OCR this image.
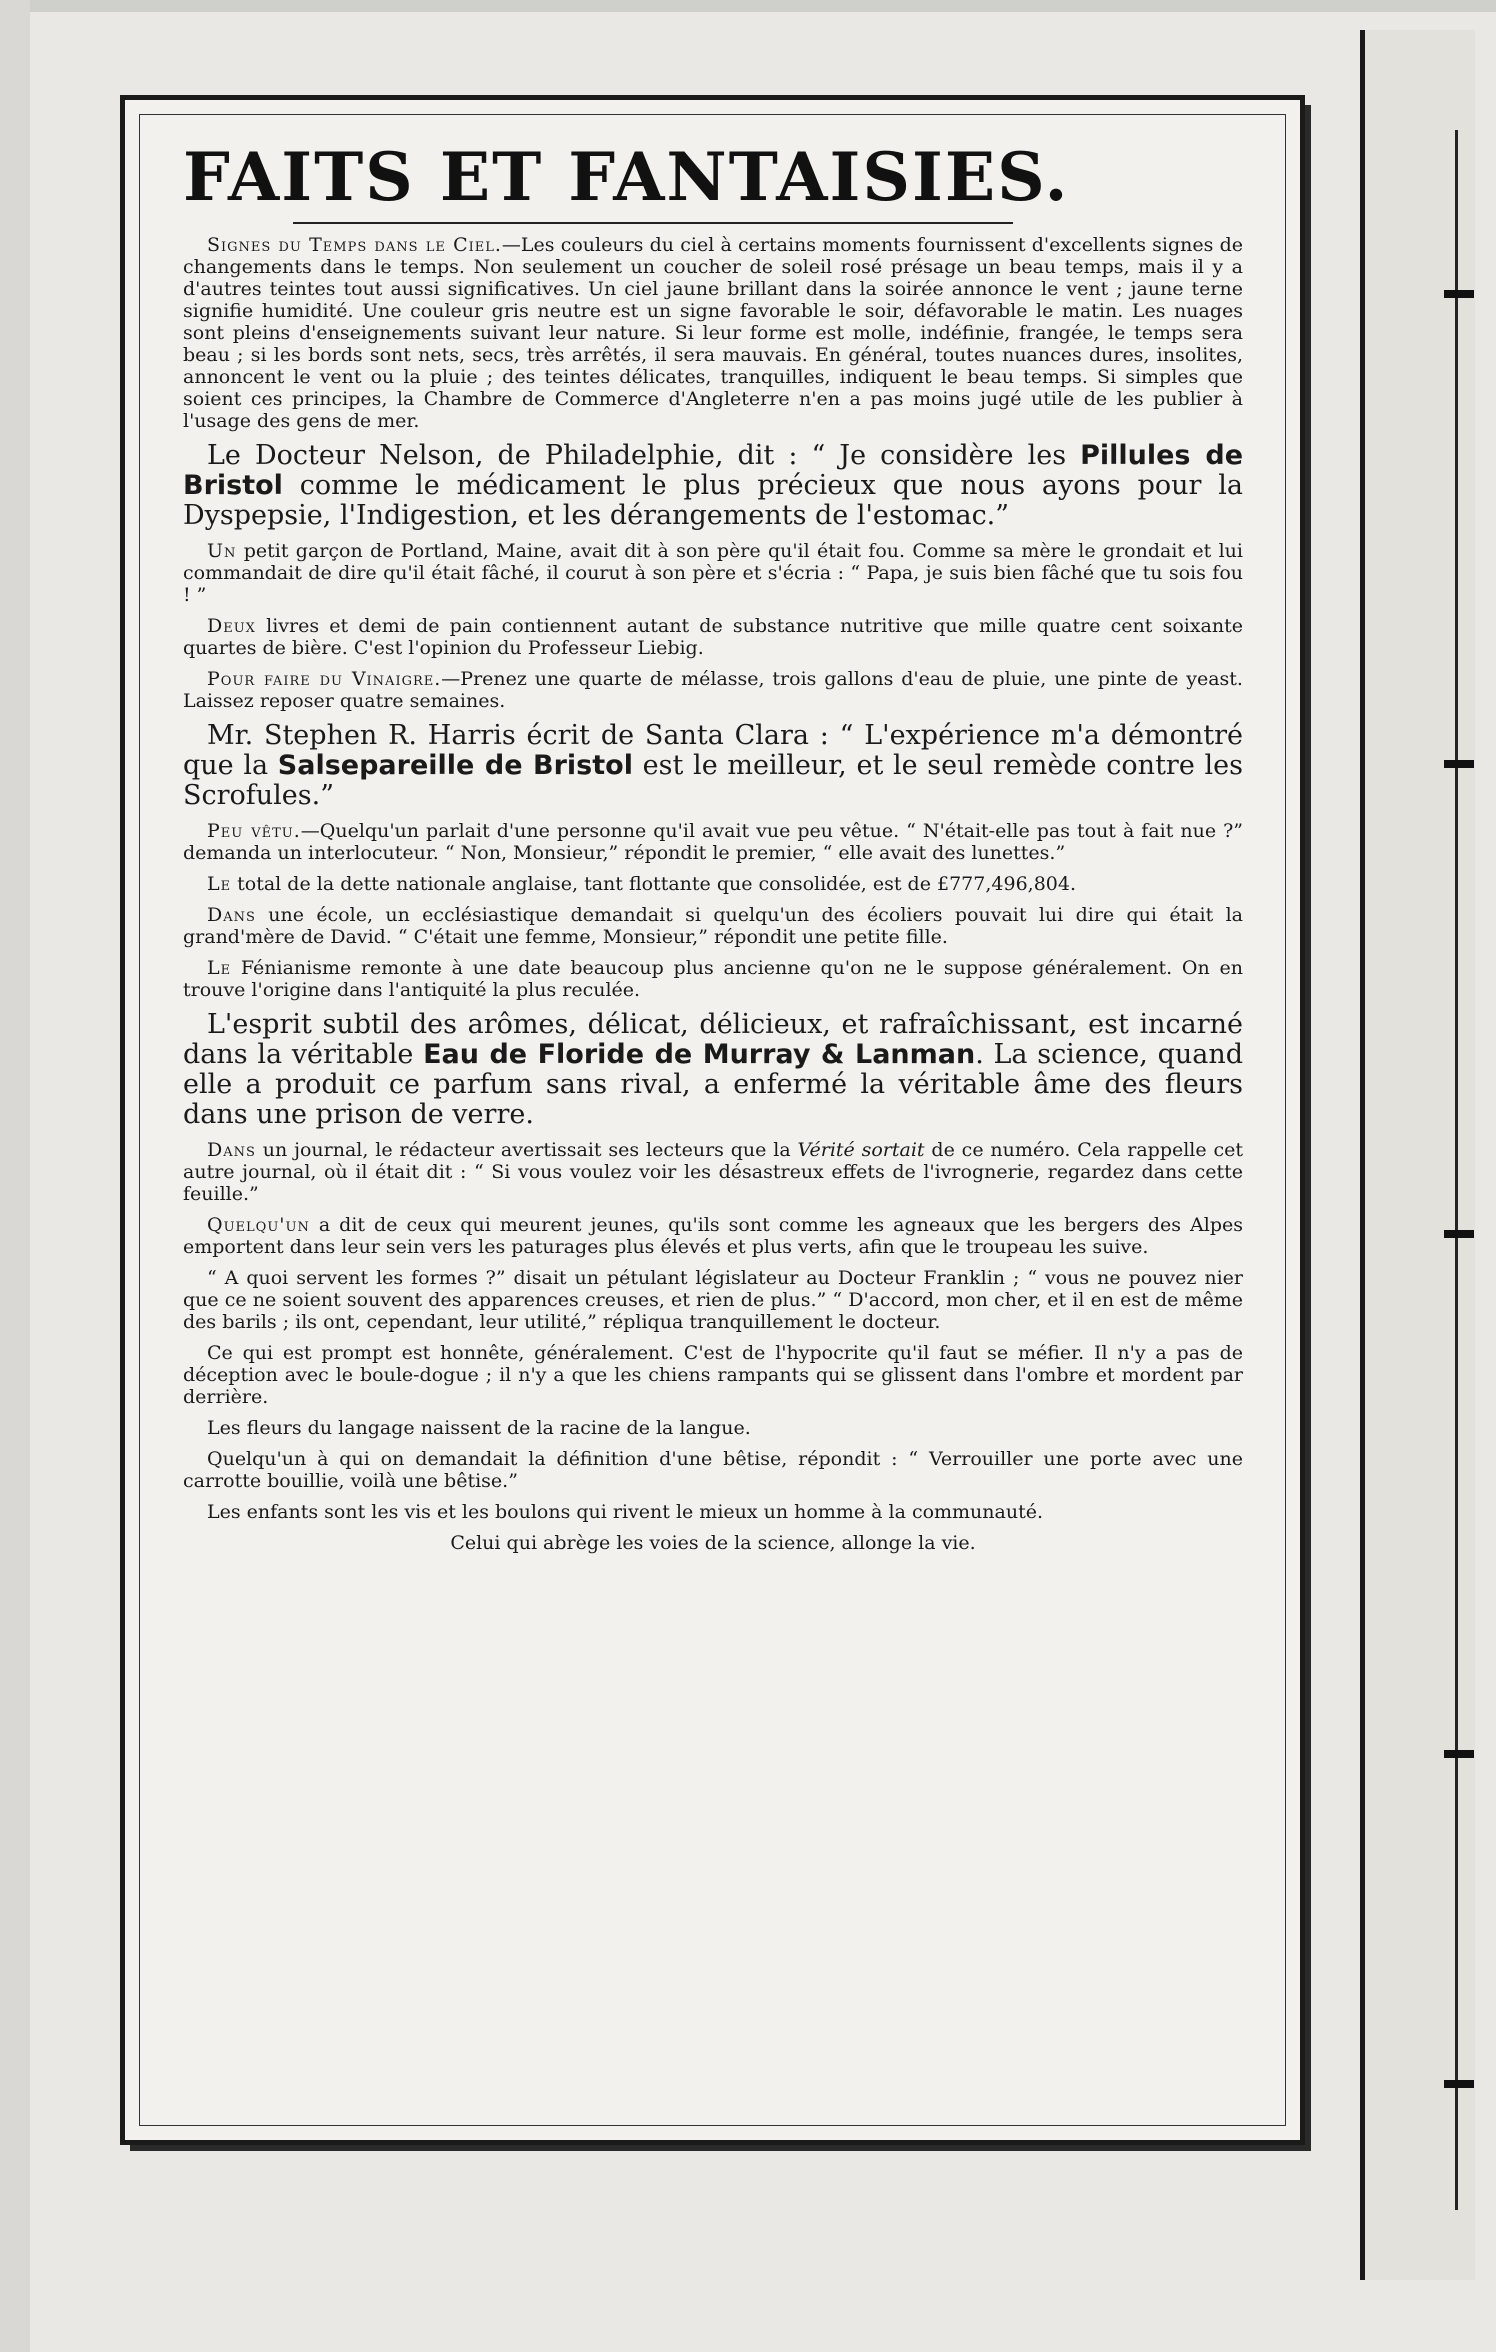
FAITS ET FANTAISIES.

Signes du Temps dans le Ciel.—Les couleurs du ciel à certains moments fournissent d'excellents signes de changements dans le temps. Non seulement un coucher de soleil rosé présage un beau temps, mais il y a d'autres teintes tout aussi significatives. Un ciel jaune brillant dans la soirée annonce le vent ; jaune terne signifie humidité. Une couleur gris neutre est un signe favorable le soir, défavorable le matin. Les nuages sont pleins d'enseignements suivant leur nature. Si leur forme est molle, indéfinie, frangée, le temps sera beau ; si les bords sont nets, secs, très arrêtés, il sera mauvais. En général, toutes nuances dures, insolites, annoncent le vent ou la pluie ; des teintes délicates, tranquilles, indiquent le beau temps. Si simples que soient ces principes, la Chambre de Commerce d'Angleterre n'en a pas moins jugé utile de les publier à l'usage des gens de mer.

Le Docteur Nelson, de Philadelphie, dit : “ Je considère les Pillules de Bristol comme le médicament le plus précieux que nous ayons pour la Dyspepsie, l'Indigestion, et les dérangements de l'estomac.”

Un petit garçon de Portland, Maine, avait dit à son père qu'il était fou. Comme sa mère le grondait et lui commandait de dire qu'il était fâché, il courut à son père et s'écria : “ Papa, je suis bien fâché que tu sois fou ! ”

Deux livres et demi de pain contiennent autant de substance nutritive que mille quatre cent soixante quartes de bière. C'est l'opinion du Professeur Liebig.

Pour faire du Vinaigre.—Prenez une quarte de mélasse, trois gallons d'eau de pluie, une pinte de yeast. Laissez reposer quatre semaines.

Mr. Stephen R. Harris écrit de Santa Clara : “ L'expérience m'a démontré que la Salsepareille de Bristol est le meilleur, et le seul remède contre les Scrofules.”

Peu vêtu.—Quelqu'un parlait d'une personne qu'il avait vue peu vêtue. “ N'était-elle pas tout à fait nue ?” demanda un interlocuteur. “ Non, Monsieur,” répondit le premier, “ elle avait des lunettes.”

Le total de la dette nationale anglaise, tant flottante que consolidée, est de £777,496,804.

Dans une école, un ecclésiastique demandait si quelqu'un des écoliers pouvait lui dire qui était la grand'mère de David. “ C'était une femme, Monsieur,” répondit une petite fille.

Le Fénianisme remonte à une date beaucoup plus ancienne qu'on ne le suppose généralement. On en trouve l'origine dans l'antiquité la plus reculée.

L'esprit subtil des arômes, délicat, délicieux, et rafraîchissant, est incarné dans la véritable Eau de Floride de Murray & Lanman. La science, quand elle a produit ce parfum sans rival, a enfermé la véritable âme des fleurs dans une prison de verre.

Dans un journal, le rédacteur avertissait ses lecteurs que la Vérité sortait de ce numéro. Cela rappelle cet autre journal, où il était dit : “ Si vous voulez voir les désastreux effets de l'ivrognerie, regardez dans cette feuille.”

Quelqu'un a dit de ceux qui meurent jeunes, qu'ils sont comme les agneaux que les bergers des Alpes emportent dans leur sein vers les paturages plus élevés et plus verts, afin que le troupeau les suive.

“ A quoi servent les formes ?” disait un pétulant législateur au Docteur Franklin ; “ vous ne pouvez nier que ce ne soient souvent des apparences creuses, et rien de plus.” “ D'accord, mon cher, et il en est de même des barils ; ils ont, cependant, leur utilité,” répliqua tranquillement le docteur.

Ce qui est prompt est honnête, généralement. C'est de l'hypocrite qu'il faut se méfier. Il n'y a pas de déception avec le boule-dogue ; il n'y a que les chiens rampants qui se glissent dans l'ombre et mordent par derrière.

Les fleurs du langage naissent de la racine de la langue.

Quelqu'un à qui on demandait la définition d'une bêtise, répondit : “ Verrouiller une porte avec une carrotte bouillie, voilà une bêtise.”

Les enfants sont les vis et les boulons qui rivent le mieux un homme à la communauté.

Celui qui abrège les voies de la science, allonge la vie.
